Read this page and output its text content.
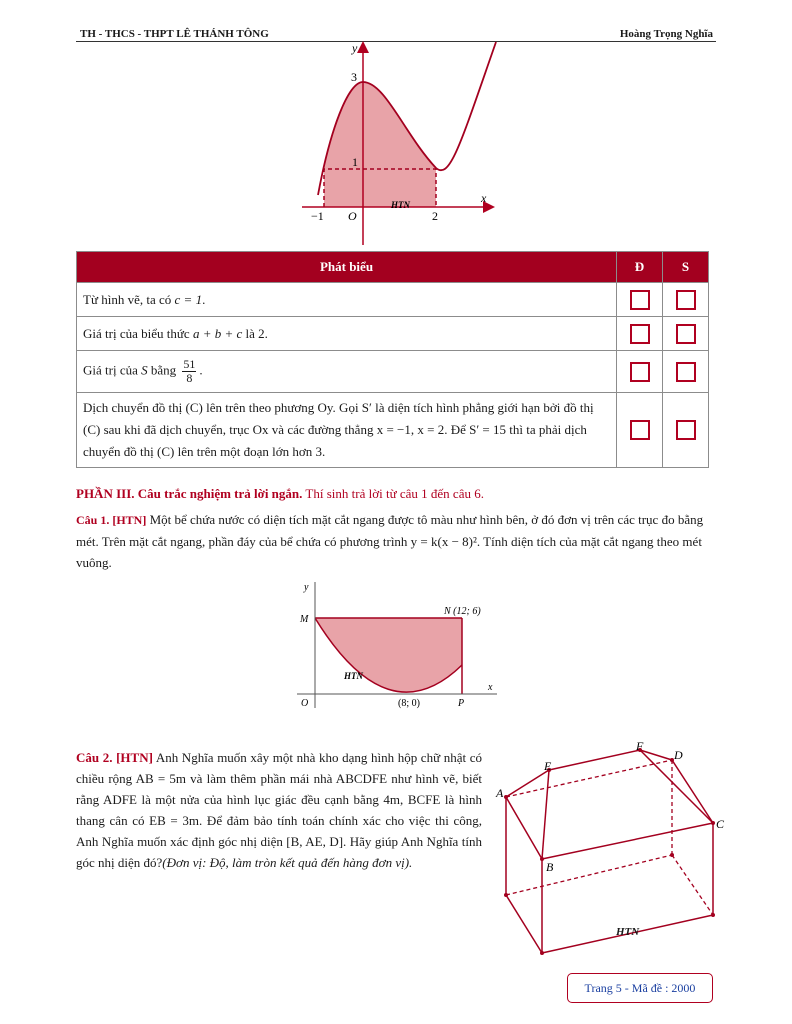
TH - THCS - THPT LÊ THÁNH TÔNG	Hoàng Trọng Nghĩa
y
x
3
1
−1 O	2
HTN
Phát biểu	Đ	S
Từ hình vẽ, ta có c = 1.		
Giá trị của biểu thức a + b + c là 2.		
Giá trị của S bằng $\frac{51}{8}$ .		
Dịch chuyển đồ thị (C) lên trên theo phương Oy. Gọi S′ là diện tích hình phẳng giới hạn bởi đồ thị (C) sau khi đã dịch chuyển, trục Ox và các đường thẳng x = −1, x = 2. Để S′ = 15 thì ta phải dịch chuyển đồ thị (C) lên trên một đoạn lớn hơn 3.		
PHẦN III. Câu trắc nghiệm trả lời ngắn. Thí sinh trả lời từ câu 1 đến câu 6.
Câu 1. [HTN] Một bể chứa nước có diện tích mặt cắt ngang được tô màu như hình bên, ở đó đơn vị trên các trục đo bằng mét. Trên mặt cắt ngang, phần đáy của bể chứa có phương trình y = k(x − 8)². Tính diện tích của mặt cắt ngang theo mét vuông.
y
x
M
N (12; 6)
O	(8; 0)	P
HTN
Câu 2. [HTN] Anh Nghĩa muốn xây một nhà kho dạng hình hộp chữ nhật có chiều rộng AB = 5m và làm thêm phần mái nhà ABCDFE như hình vẽ, biết rằng ADFE là một nửa của hình lục giác đều cạnh bằng 4m, BCFE là hình thang cân có EB = 3m. Để đảm bảo tính toán chính xác cho việc thi công, Anh Nghĩa muốn xác định góc nhị diện [B, AE, D]. Hãy giúp Anh Nghĩa tính góc nhị diện đó?(Đơn vị: Độ, làm tròn kết quả đến hàng đơn vị).
A
B
C
D
E
F
HTN
Trang 5 - Mã đề : 2000
